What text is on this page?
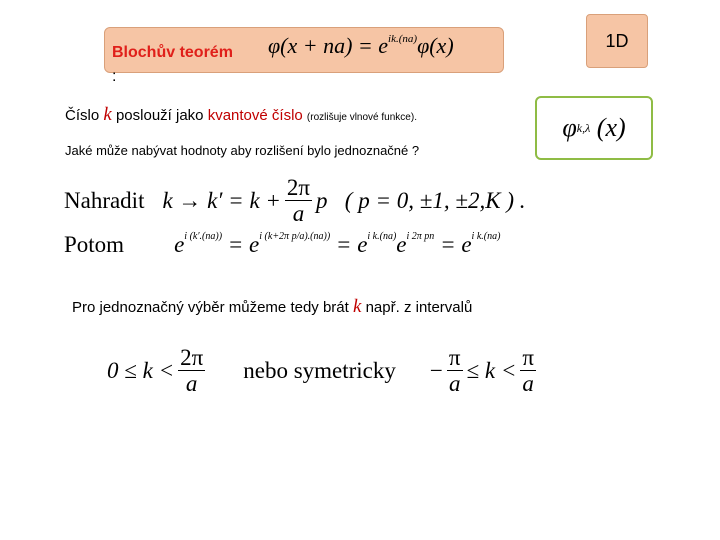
1D
Blochův teorém
:
$\varphi(x + na) = e^{ik.(na)}\varphi(x)$
φ k,λ
(x)
Číslo k poslouží jako kvantové číslo (rozlišuje vlnové funkce).
Jaké může nabývat hodnoty aby rozlišení bylo jednoznačné ?
Nahradit $k \to k' = k + \frac{2\pi}{a}$ p   ( p = 0, ±1, ±2,K ) .
Potom $e^{i (k'.(na))} = e^{i (k+2\pi p/a).(na))} = e^{i k.(na)}e^{i 2\pi pn} = e^{i k.(na)}$
Pro jednoznačný výběr můžeme tedy brát k např. z intervalů
$0 \le k < \frac{2\pi}{a}$ nebo symetricky − $\frac{\pi}{a} \le k < \frac{\pi}{a}$
